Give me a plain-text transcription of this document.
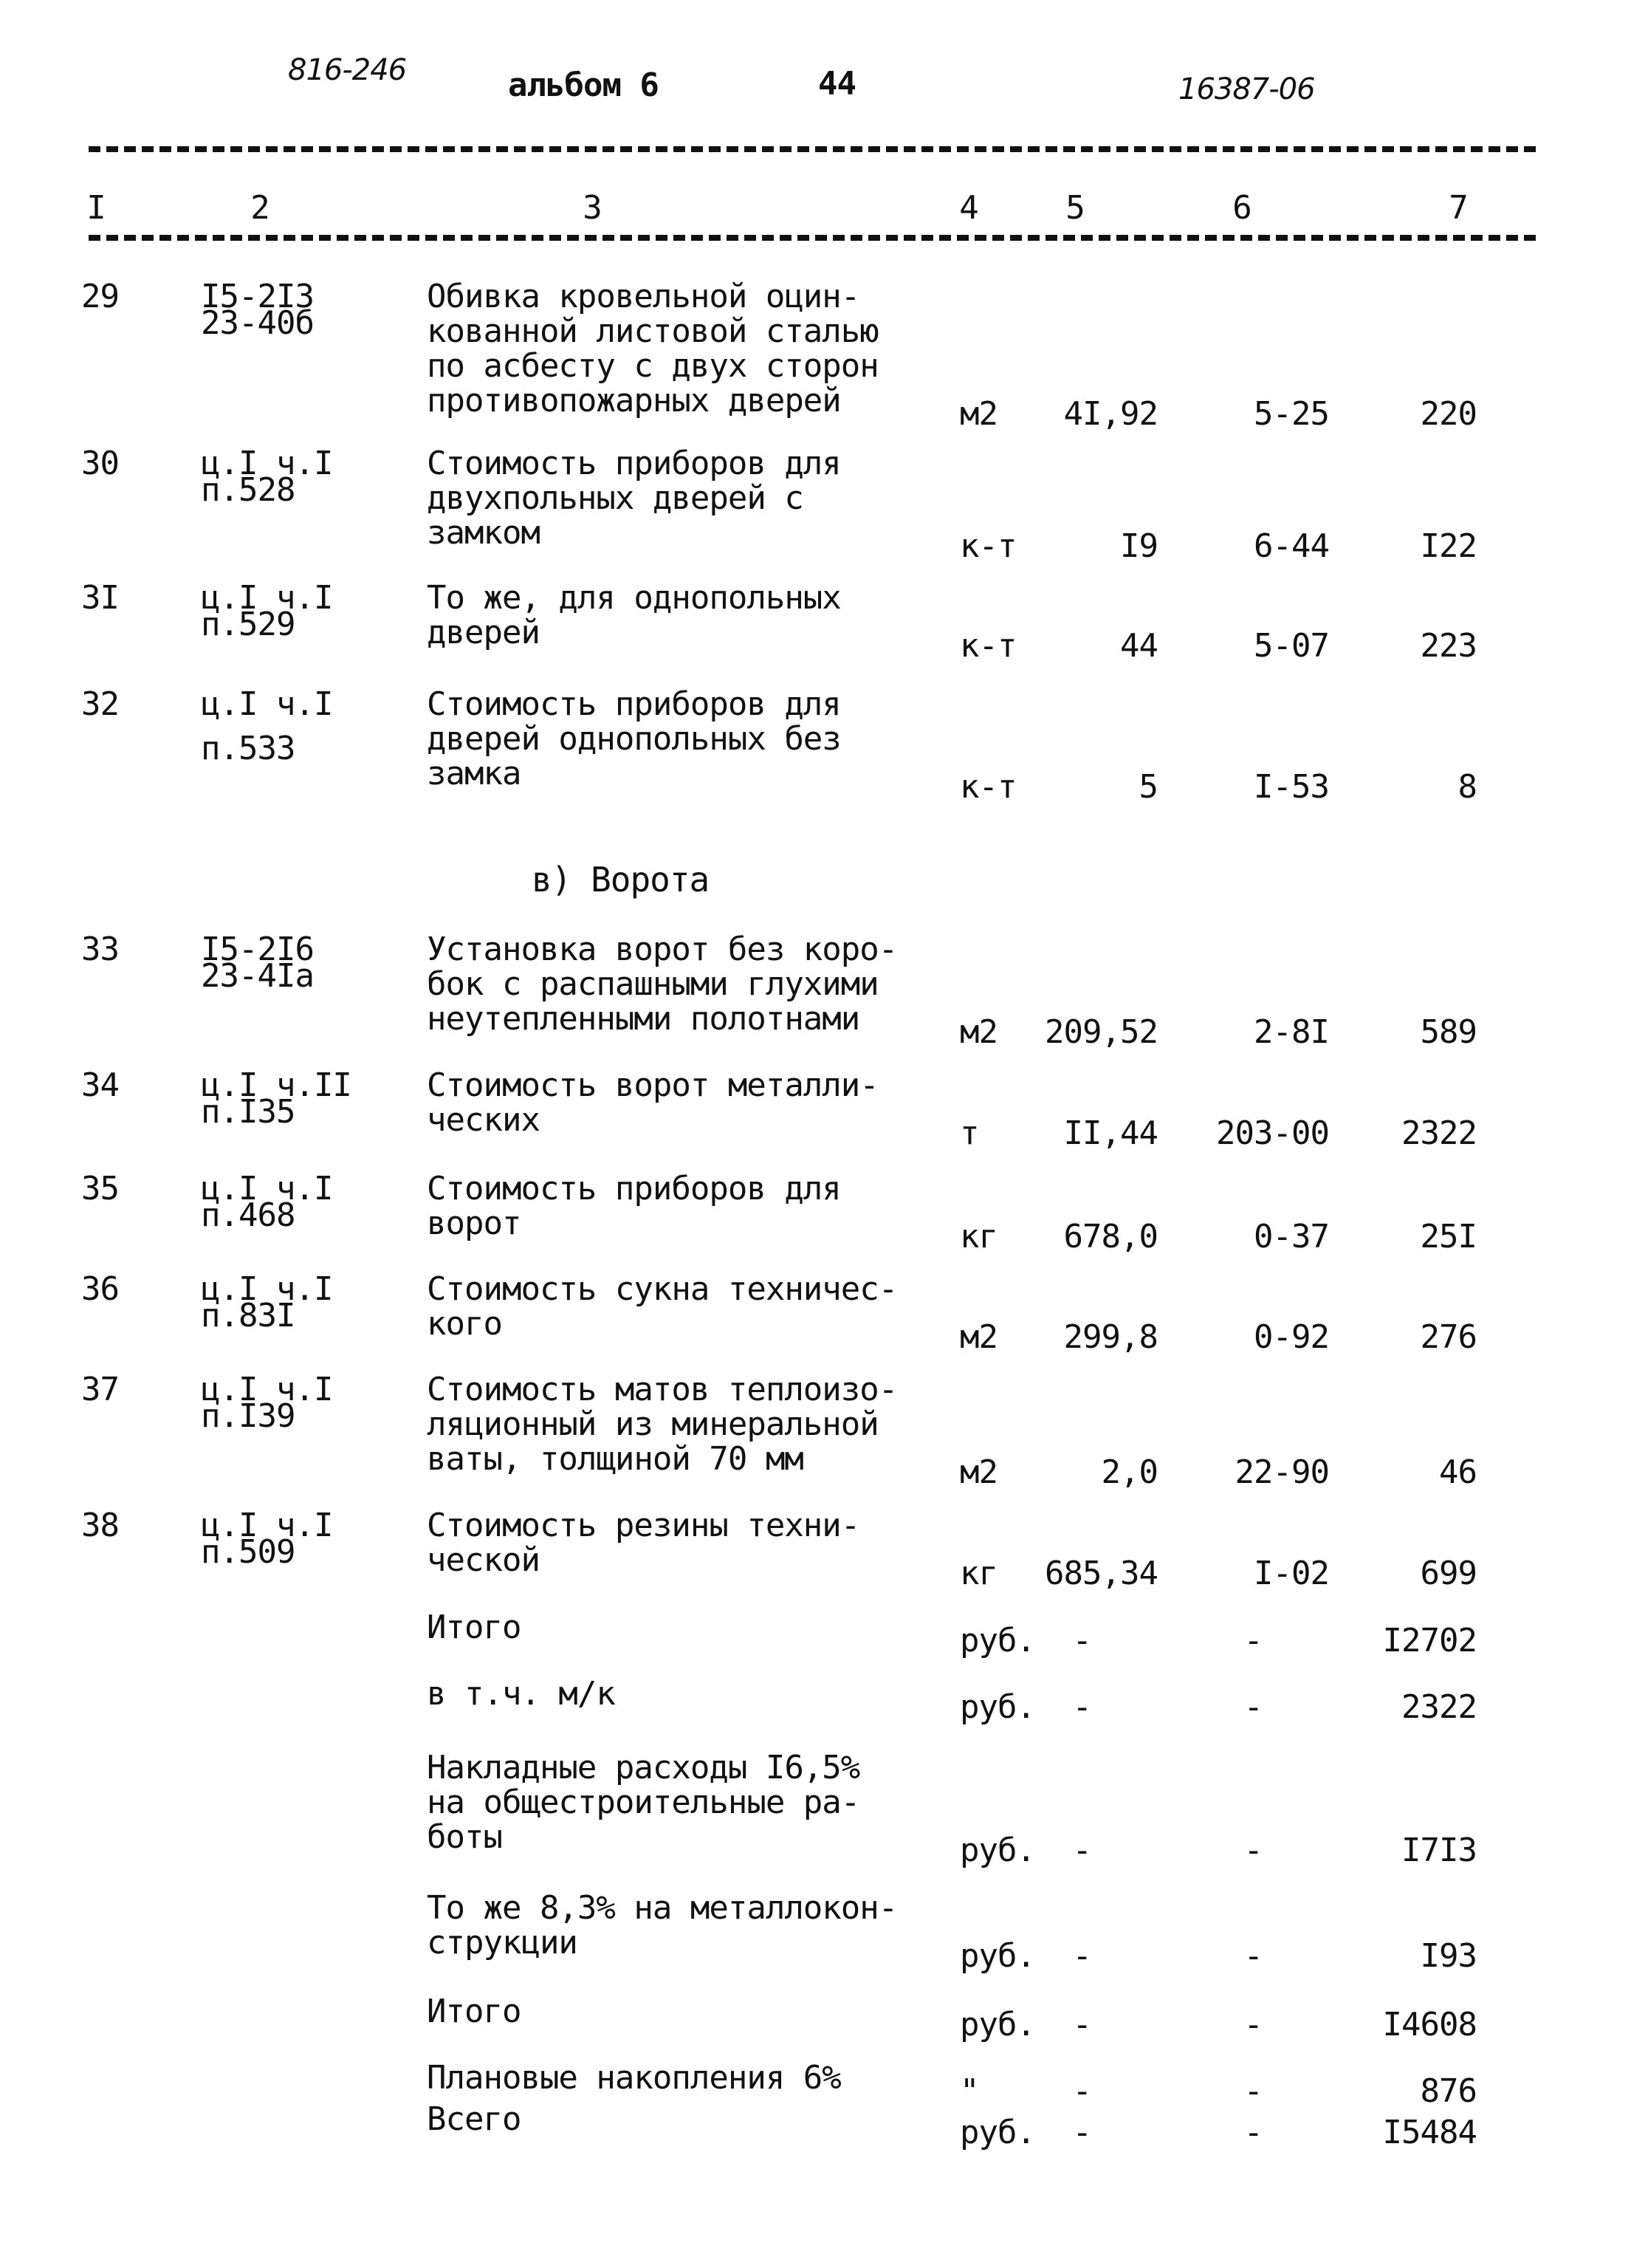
816-246	альбом 6	44	16387-06
в) Ворота
I	2	3	4	5	6	7
29	I5-2I3
23-40б
Обивка кровельной оцин-
кованной листовой сталью
по асбесту с двух сторон
противопожарных дверей	м2	4I,92	5-25	220
30	ц.I ч.I
п.528
Стоимость приборов для
двухпольных дверей с
замком	к-т	I9	6-44	I22
3I	ц.I ч.I
п.529
То же, для однопольных
дверей	к-т	44	5-07	223
32	ц.I ч.I
п.533
Стоимость приборов для
дверей однопольных без
замка	к-т	5	I-53	8
33	I5-2I6
23-4Iа
Установка ворот без коро-
бок с распашными глухими
неутепленными полотнами	м2	209,52	2-8I	589
34	ц.I ч.II
п.I35
Стоимость ворот металли-
ческих	т	II,44	203-00	2322
35	ц.I ч.I
п.468
Стоимость приборов для
ворот	кг	678,0	0-37	25I
36	ц.I ч.I
п.83I
Стоимость сукна техничес-
кого	м2	299,8	0-92	276
37	ц.I ч.I
п.I39
Стоимость матов теплоизо-
ляционный из минеральной
ваты, толщиной 70 мм	м2	2,0	22-90	46
38	ц.I ч.I
п.509
Стоимость резины техни-
ческой	кг	685,34	I-02	699
Итого	руб.	-	-	I2702
в т.ч. м/к	руб.	-	-	2322
Накладные расходы I6,5%
на общестроительные ра-
боты	руб.	-	-	I7I3
То же 8,3% на металлокон-
струкции	руб.	-	-	I93
Итого	руб.	-	-	I4608
Плановые накопления 6%	"	-	-	876
Всего	руб.	-	-	I5484
